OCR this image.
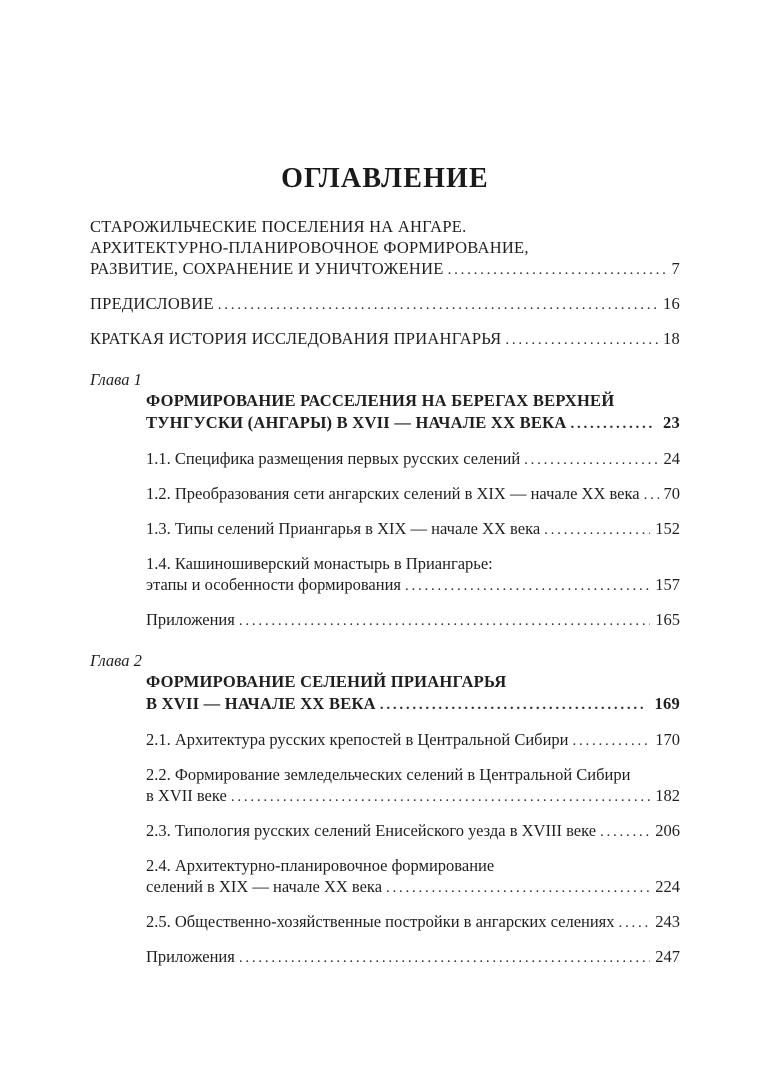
ОГЛАВЛЕНИЕ
СТАРОЖИЛЬЧЕСКИЕ ПОСЕЛЕНИЯ НА АНГАРЕ.
АРХИТЕКТУРНО-ПЛАНИРОВОЧНОЕ ФОРМИРОВАНИЕ,
РАЗВИТИЕ, СОХРАНЕНИЕ И УНИЧТОЖЕНИЕ . . .	7
ПРЕДИСЛОВИЕ . . .	16
КРАТКАЯ ИСТОРИЯ ИССЛЕДОВАНИЯ ПРИАНГАРЬЯ . . .	18
Глава 1
ФОРМИРОВАНИЕ РАССЕЛЕНИЯ НА БЕРЕГАХ ВЕРХНЕЙ
ТУНГУСКИ (АНГАРЫ) В XVII — НАЧАЛЕ XX ВЕКА . . .	23
1.1. Специфика размещения первых русских селений . . .	24
1.2. Преобразования сети ангарских селений в XIX — начале XX века . . . 70
1.3. Типы селений Приангарья в XIX — начале XX века . . .	152
1.4. Кашиношиверский монастырь в Приангарье:
этапы и особенности формирования . . .	157
Приложения . . .	165
Глава 2
ФОРМИРОВАНИЕ СЕЛЕНИЙ ПРИАНГАРЬЯ
В XVII — НАЧАЛЕ XX ВЕКА . . .	169
2.1. Архитектура русских крепостей в Центральной Сибири . . .	170
2.2. Формирование земледельческих селений в Центральной Сибири
в XVII веке . . .	182
2.3. Типология русских селений Енисейского уезда в XVIII веке . . .	206
2.4. Архитектурно-планировочное формирование
селений в XIX — начале XX века . . .	224
2.5. Общественно-хозяйственные постройки в ангарских селениях . . . 243
Приложения . . .	247
